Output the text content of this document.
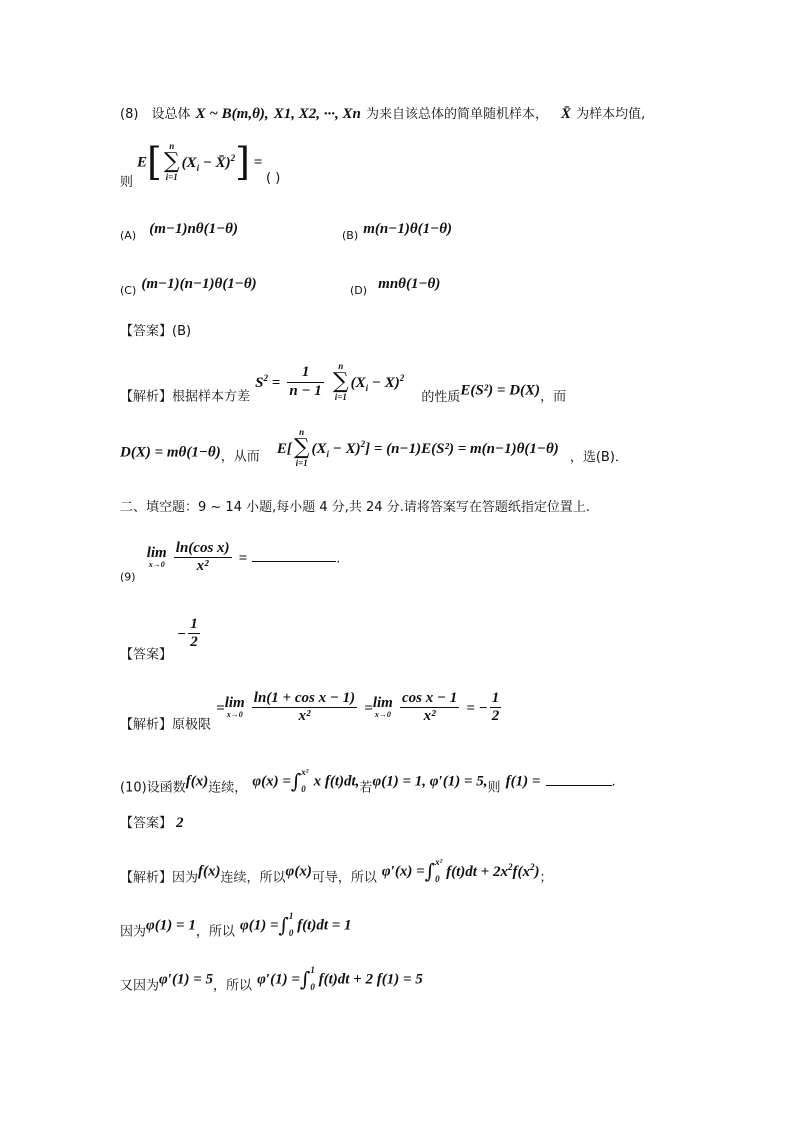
(8) 设总体 X ~ B(m,θ), X1, X2, ···, Xn 为来自该总体的简单随机样本， X̄ 为样本均值,
E[ n
∑
i=1
($X_i$ − X̄)$^2$] =
则	( )
$_{(A)}$ (m−1)nθ(1−θ)	$_{(B)}$ m(n−1)θ(1−θ)
$_{(C)}$ (m−1)(n−1)θ(1−θ)	$_{(D)}$ mnθ(1−θ)
【答案】(B)
$_{【解析】根据样本方差}$ $S^2 = \frac{1}{n - 1}$
	n
∑
i=1
$(X_i - X)^2$ $_{的性质}E(S^2) = D(X)_{,而}$
$D(X) = m\theta(1-\theta)_{,从而}$ E[
n
∑
i=1
$(X_i - X)^2] = (n-1)E(S^2) = m(n-1)\theta(1-\theta)$ $_{,选(B).}$
二、填空题：9 ~ 14 小题,每小题 4 分,共 24 分.请将答案写在答题纸指定位置上.
$_{(9)}$ lim
x→0
$\frac{\text{ln(cos x)}}{\text{x²}}$ =	.
$_{【答案】} - \frac{1}{2}$
$_{【解析】原极限}$ =lim
x→0
$\frac{\text{ln(1 + cos x − 1)}}{\text{x²}} =\lim$
x→0
$\frac{\text{cos x − 1}}{\text{x²}}$ = − $\frac{1}{2}$
$_{(10)设函数}f(x)_{连续,}$ φ(x) =∫ x²
0 x $f(t)dt,_若\varphi(1) = 1$, $\varphi'(1) = 5,_则$ f(1) =	.
【答案】 2
$_{【解析】因为}f(x)_{连续,所以}\varphi(x)_{可导,所以}$ φ′(x) =∫ x²
0 $f(t)dt + 2x^2f(x^2)_;$
$_{因为}\varphi(1) = 1_{,所以}$ φ(1) =∫ 1
0 f(t)dt = 1
$_{又因为}\varphi'(1) = 5_{,所以}$ φ′(1) =∫ 1
0 f(t)dt + 2 f(1) = 5
